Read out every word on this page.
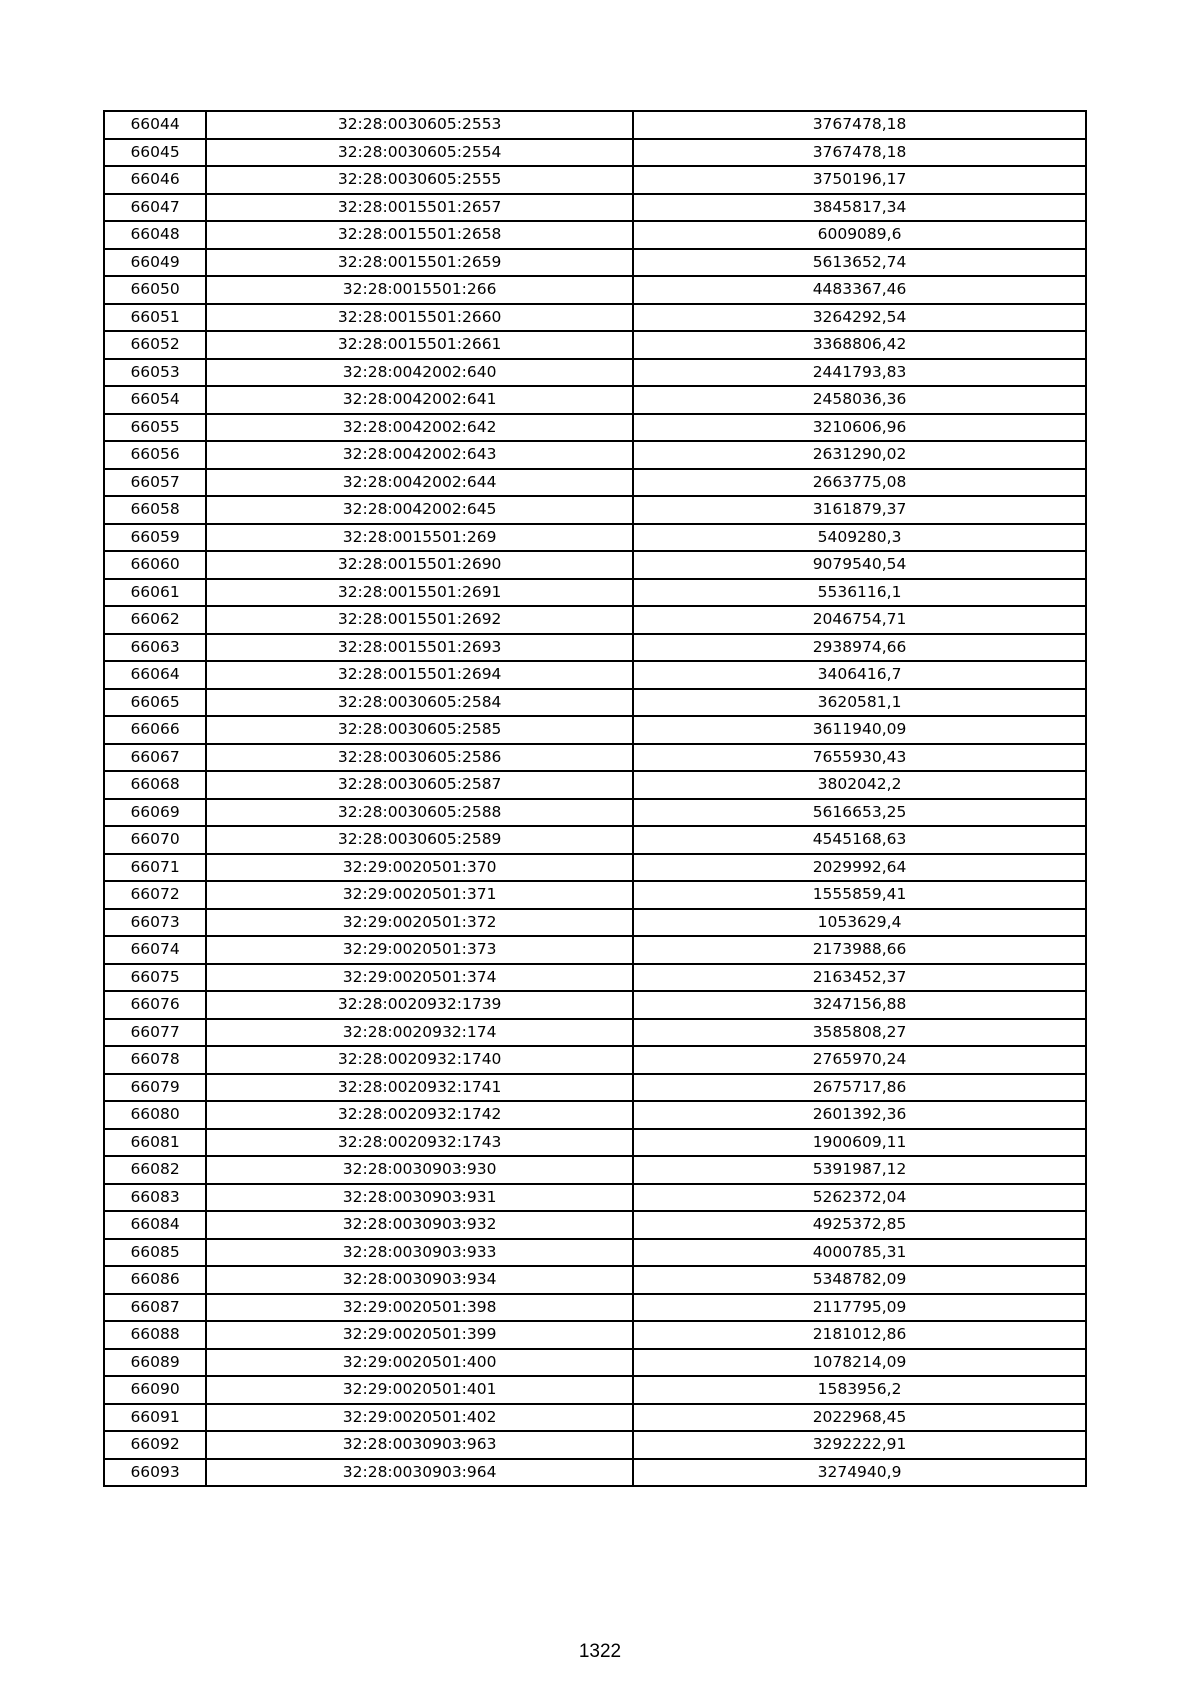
66044	32:28:0030605:2553	3767478,18
66045	32:28:0030605:2554	3767478,18
66046	32:28:0030605:2555	3750196,17
66047	32:28:0015501:2657	3845817,34
66048	32:28:0015501:2658	6009089,6
66049	32:28:0015501:2659	5613652,74
66050	32:28:0015501:266	4483367,46
66051	32:28:0015501:2660	3264292,54
66052	32:28:0015501:2661	3368806,42
66053	32:28:0042002:640	2441793,83
66054	32:28:0042002:641	2458036,36
66055	32:28:0042002:642	3210606,96
66056	32:28:0042002:643	2631290,02
66057	32:28:0042002:644	2663775,08
66058	32:28:0042002:645	3161879,37
66059	32:28:0015501:269	5409280,3
66060	32:28:0015501:2690	9079540,54
66061	32:28:0015501:2691	5536116,1
66062	32:28:0015501:2692	2046754,71
66063	32:28:0015501:2693	2938974,66
66064	32:28:0015501:2694	3406416,7
66065	32:28:0030605:2584	3620581,1
66066	32:28:0030605:2585	3611940,09
66067	32:28:0030605:2586	7655930,43
66068	32:28:0030605:2587	3802042,2
66069	32:28:0030605:2588	5616653,25
66070	32:28:0030605:2589	4545168,63
66071	32:29:0020501:370	2029992,64
66072	32:29:0020501:371	1555859,41
66073	32:29:0020501:372	1053629,4
66074	32:29:0020501:373	2173988,66
66075	32:29:0020501:374	2163452,37
66076	32:28:0020932:1739	3247156,88
66077	32:28:0020932:174	3585808,27
66078	32:28:0020932:1740	2765970,24
66079	32:28:0020932:1741	2675717,86
66080	32:28:0020932:1742	2601392,36
66081	32:28:0020932:1743	1900609,11
66082	32:28:0030903:930	5391987,12
66083	32:28:0030903:931	5262372,04
66084	32:28:0030903:932	4925372,85
66085	32:28:0030903:933	4000785,31
66086	32:28:0030903:934	5348782,09
66087	32:29:0020501:398	2117795,09
66088	32:29:0020501:399	2181012,86
66089	32:29:0020501:400	1078214,09
66090	32:29:0020501:401	1583956,2
66091	32:29:0020501:402	2022968,45
66092	32:28:0030903:963	3292222,91
66093	32:28:0030903:964	3274940,9
1322
